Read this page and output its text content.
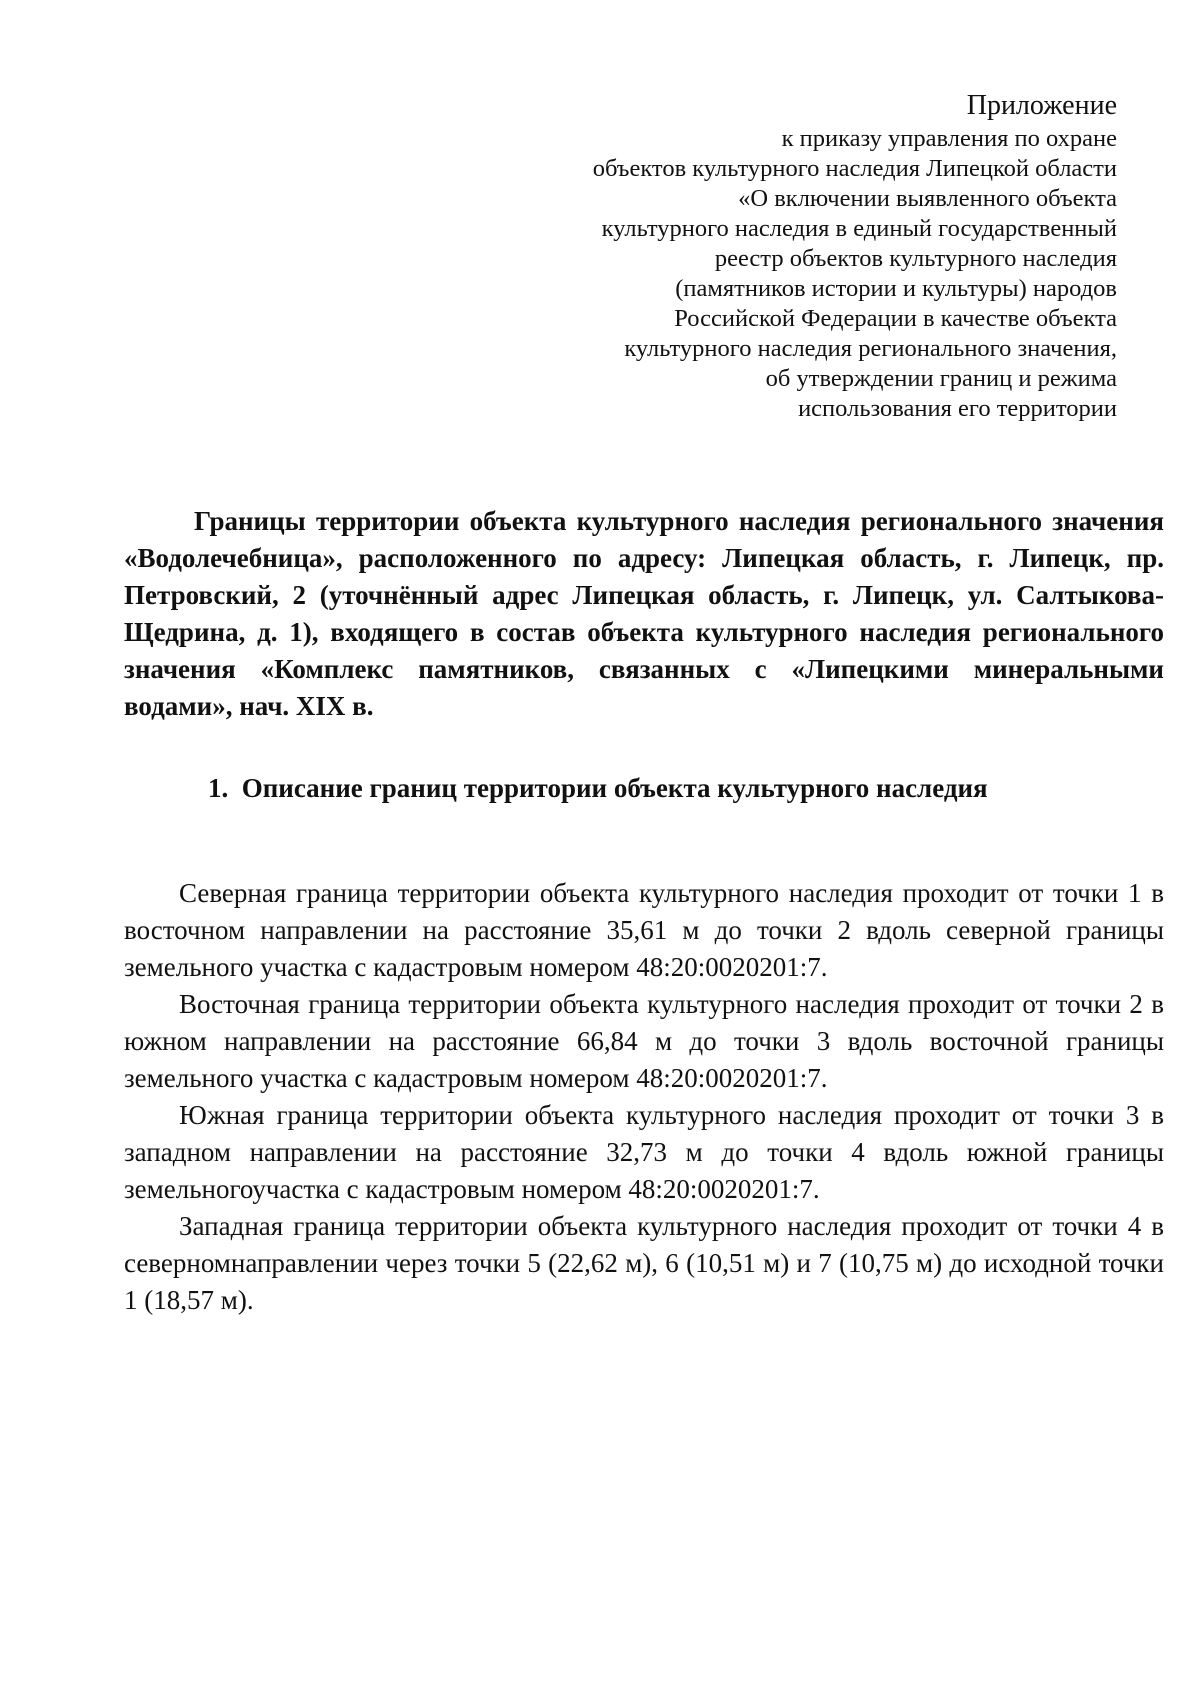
Приложение
к приказу управления по охране
объектов культурного наследия Липецкой области
«О включении выявленного объекта
культурного наследия в единый государственный
реестр объектов культурного наследия
(памятников истории и культуры) народов
Российской Федерации в качестве объекта
культурного наследия регионального значения,
об утверждении границ и режима
использования его территории
Границы территории объекта культурного наследия регионального значения «Водолечебница», расположенного по адресу: Липецкая область, г. Липецк, пр. Петровский, 2 (уточнённый адрес Липецкая область, г. Липецк, ул. Салтыкова-Щедрина, д. 1), входящего в состав объекта культурного наследия регионального значения «Комплекс памятников, связанных с «Липецкими минеральными водами», нач. XIX в.
1. Описание границ территории объекта культурного наследия

Северная граница территории объекта культурного наследия проходит от точки 1 в восточном направлении на расстояние 35,61 м до точки 2 вдоль северной границы земельного участка с кадастровым номером 48:20:0020201:7.

Восточная граница территории объекта культурного наследия проходит от точки 2 в южном направлении на расстояние 66,84 м до точки 3 вдоль восточной границы земельного участка с кадастровым номером 48:20:0020201:7.

Южная граница территории объекта культурного наследия проходит от точки 3 в западном направлении на расстояние 32,73 м до точки 4 вдоль южной границы земельногоучастка с кадастровым номером 48:20:0020201:7.

Западная граница территории объекта культурного наследия проходит от точки 4 в северномнаправлении через точки 5 (22,62 м), 6 (10,51 м) и 7 (10,75 м) до исходной точки 1 (18,57 м).
